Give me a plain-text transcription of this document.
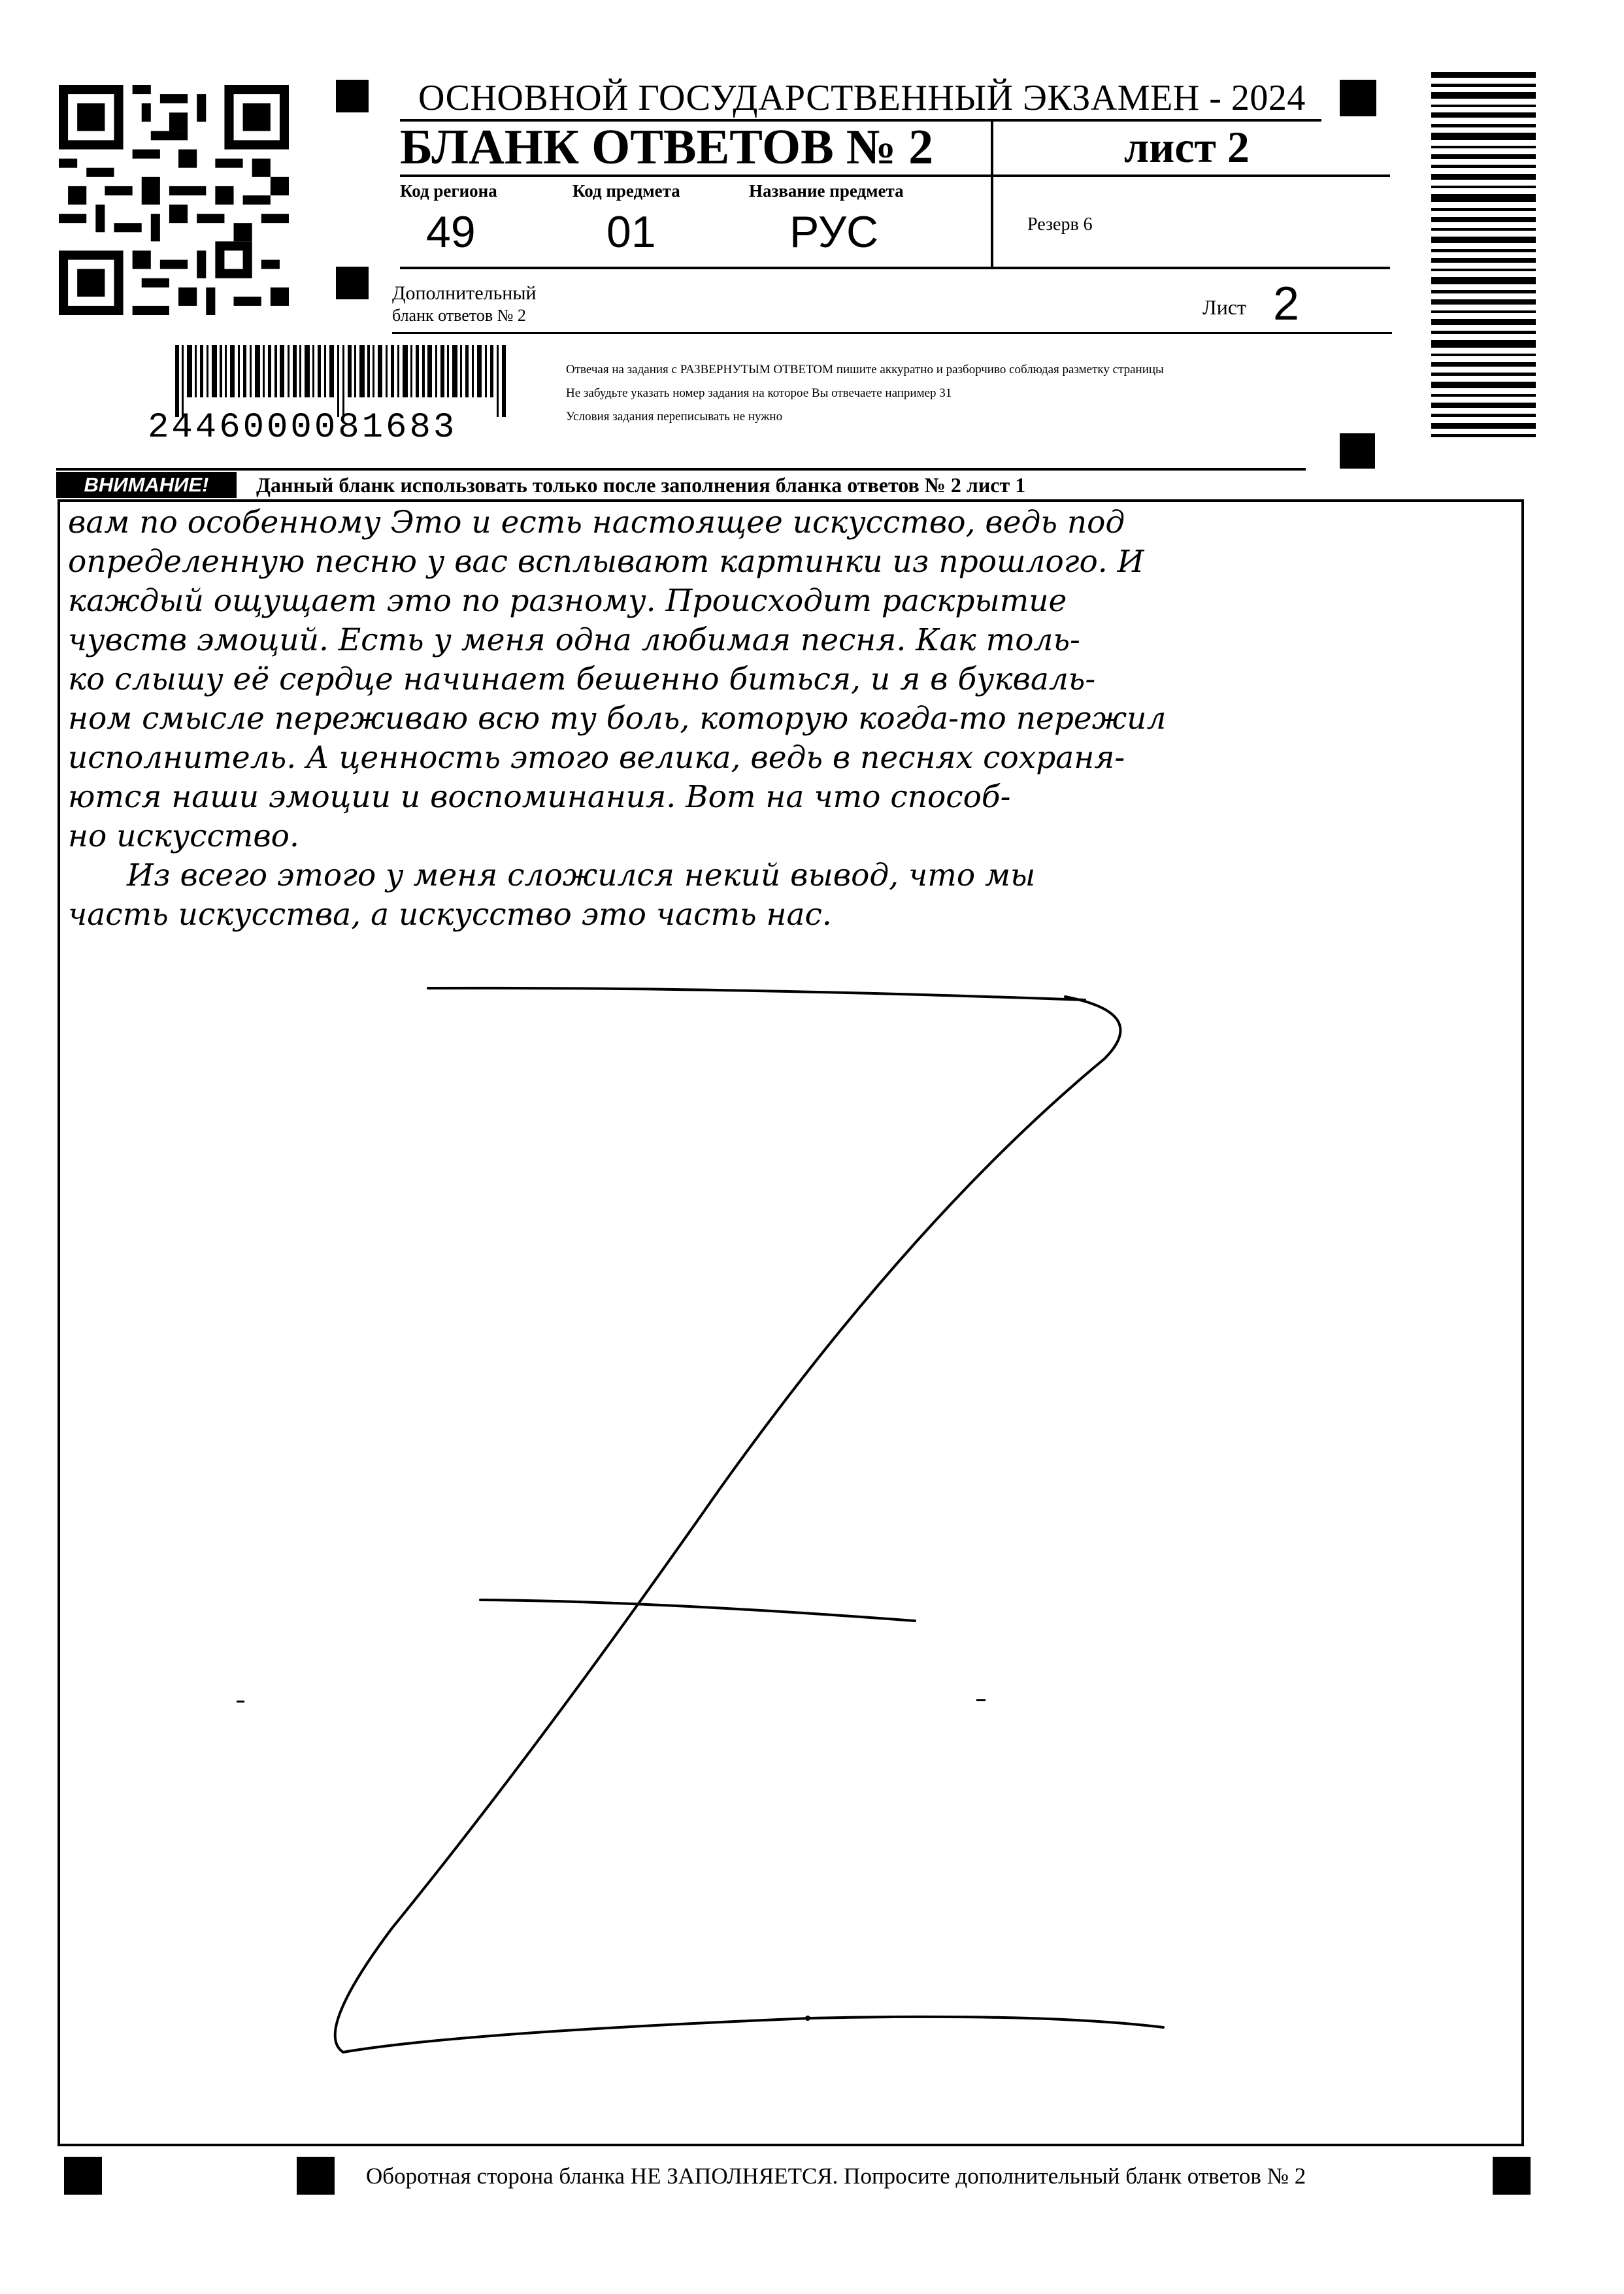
ОСНОВНОЙ ГОСУДАРСТВЕННЫЙ ЭКЗАМЕН - 2024
БЛАНК ОТВЕТОВ № 2	лист 2
Код региона
49
Код предмета
01
Название предмета
РУС	Резерв 6
Дополнительный
бланк ответов № 2	Лист 2
2446000081683
Отвечая на задания с РАЗВЕРНУТЫМ ОТВЕТОМ пишите аккуратно и разборчиво соблюдая разметку страницы
Не забудьте указать номер задания на которое Вы отвечаете например 31
Условия задания переписывать не нужно
ВНИМАНИЕ!	Данный бланк использовать только после заполнения бланка ответов № 2 лист 1
вам по особенному Это и есть настоящее искусство, ведь под
определенную песню у вас всплывают картинки из прошлого. И
каждый ощущает это по разному. Происходит раскрытие
чувств эмоций. Есть у меня одна любимая песня. Как толь-
ко слышу её сердце начинает бешенно биться, и я в букваль-
ном смысле переживаю всю ту боль, которую когда-то пережил
исполнитель. А ценность этого велика, ведь в песнях сохраня-
ются наши эмоции и воспоминания. Вот на что способ-
но искусство.
Из всего этого у меня сложился некий вывод, что мы
часть искусства, а искусство это часть нас.
Оборотная сторона бланка НЕ ЗАПОЛНЯЕТСЯ. Попросите дополнительный бланк ответов № 2
